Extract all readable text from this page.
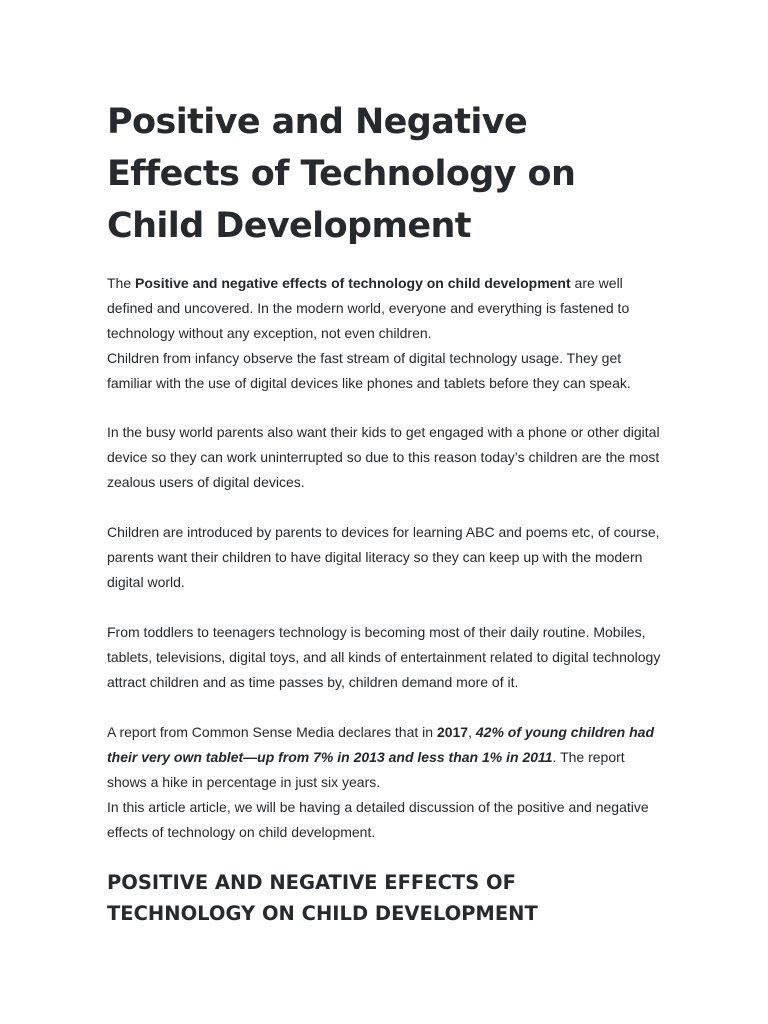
Positive and Negative Effects of Technology on Child Development

The Positive and negative effects of technology on child development are well defined and uncovered. In the modern world, everyone and everything is fastened to technology without any exception, not even children.
Children from infancy observe the fast stream of digital technology usage. They get familiar with the use of digital devices like phones and tablets before they can speak.

In the busy world parents also want their kids to get engaged with a phone or other digital device so they can work uninterrupted so due to this reason today’s children are the most zealous users of digital devices.

Children are introduced by parents to devices for learning ABC and poems etc, of course, parents want their children to have digital literacy so they can keep up with the modern digital world.

From toddlers to teenagers technology is becoming most of their daily routine. Mobiles, tablets, televisions, digital toys, and all kinds of entertainment related to digital technology attract children and as time passes by, children demand more of it.

A report from Common Sense Media declares that in 2017, 42% of young children had their very own tablet—up from 7% in 2013 and less than 1% in 2011. The report shows a hike in percentage in just six years.
In this article article, we will be having a detailed discussion of the positive and negative effects of technology on child development.

POSITIVE AND NEGATIVE EFFECTS OF TECHNOLOGY ON CHILD DEVELOPMENT
